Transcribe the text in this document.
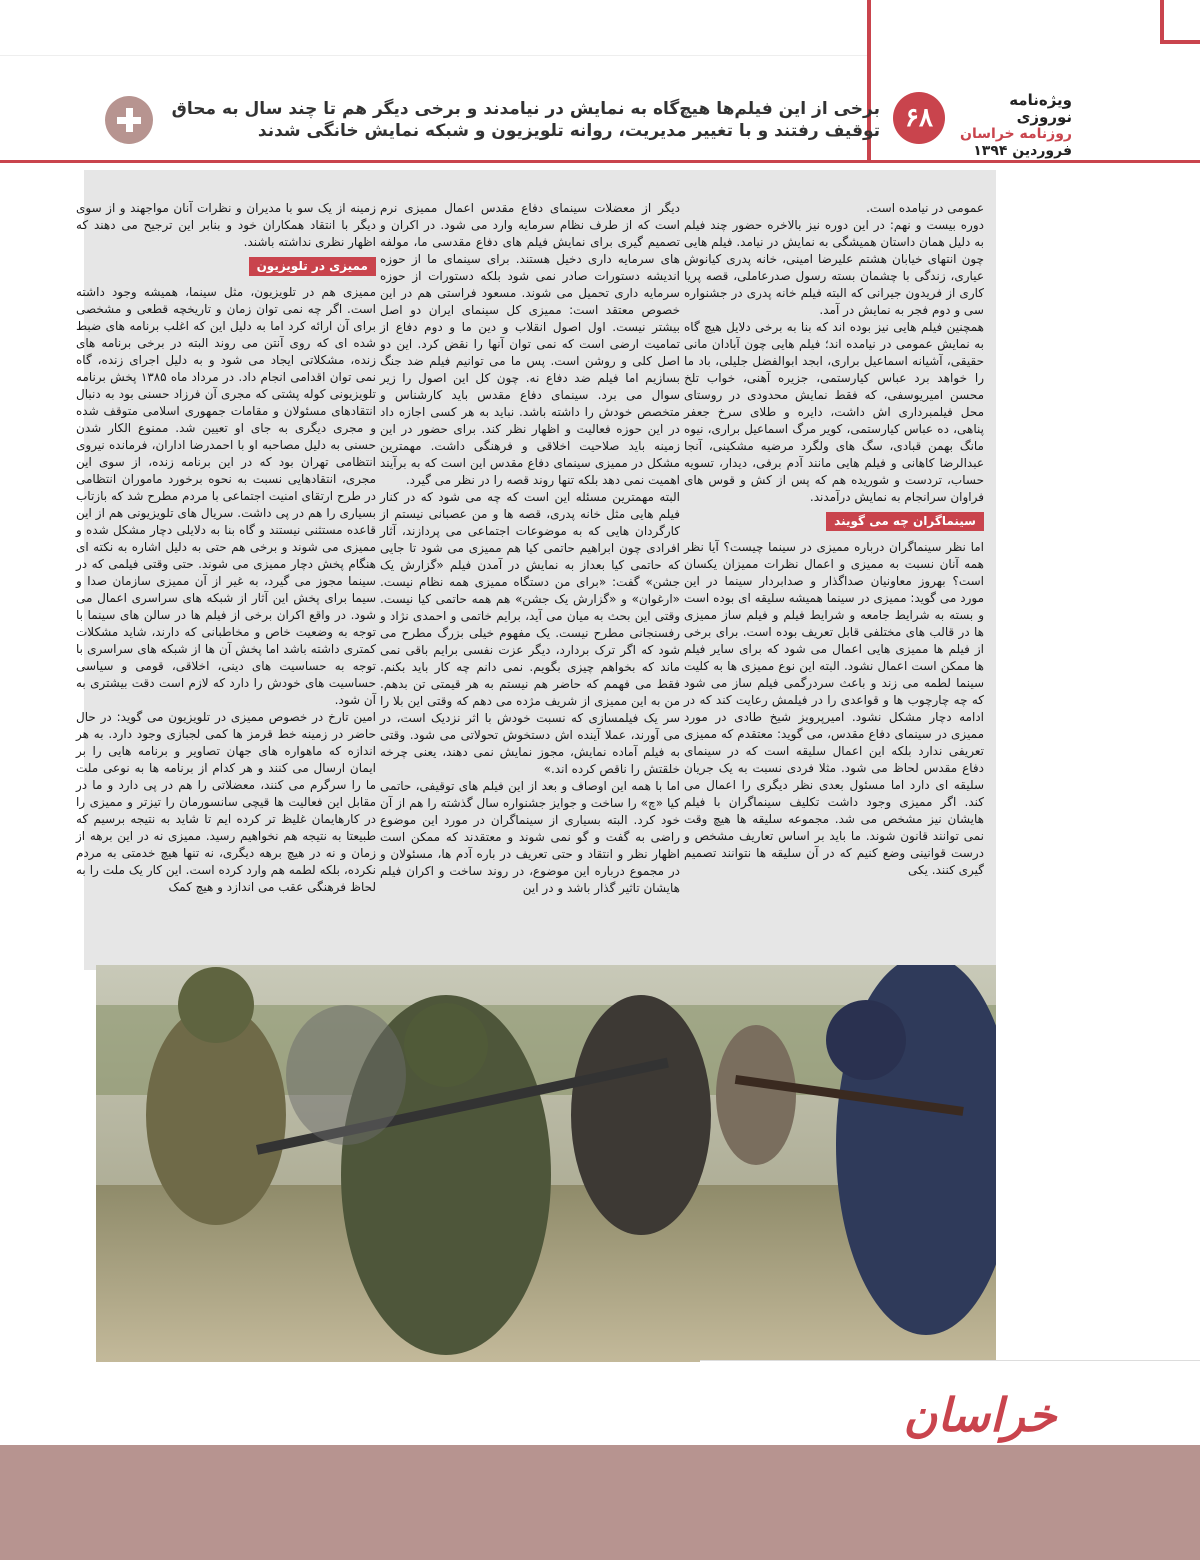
۶۸
ویژه‌نامه نوروزی
روزنامه خراسان
فروردین ۱۳۹۴
برخی از این فیلم‌ها هیچ‌گاه به نمایش در نیامدند و برخی دیگر هم تا چند سال به محاق توقیف رفتند و با تغییر مدیریت، روانه تلویزیون و شبکه نمایش خانگی شدند

عمومی در نیامده است.

دوره بیست و نهم: در این دوره نیز بالاخره حضور چند فیلم به دلیل همان داستان همیشگی به نمایش در نیامد. فیلم هایی چون انتهای خیابان هشتم علیرضا امینی، خانه پدری کیانوش عیاری، زندگی با چشمان بسته رسول صدرعاملی، قصه پریا کاری از فریدون جیرانی که البته فیلم خانه پدری در جشنواره سی و دوم فجر به نمایش در آمد.

همچنین فیلم هایی نیز بوده اند که بنا به برخی دلایل هیچ گاه به نمایش عمومی در نیامده اند؛ فیلم هایی چون آبادان مانی حقیقی، آشیانه اسماعیل براری، ابجد ابوالفضل جلیلی، باد ما را خواهد برد عباس کیارستمی، جزیره آهنی، خواب تلخ محسن امیریوسفی، که فقط نمایش محدودی در روستای محل فیلمبرداری اش داشت، دایره و طلای سرخ جعفر پناهی، ده عباس کیارستمی، کویر مرگ اسماعیل براری، نیوه مانگ بهمن قبادی، سگ های ولگرد مرضیه مشکینی، آنجا عبدالرضا کاهانی و فیلم هایی مانند آدم برفی، دیدار، تسویه حساب، تردست و شوریده هم که پس از کش و قوس های فراوان سرانجام به نمایش درآمدند.

سینماگران چه می گویند

اما نظر سینماگران درباره ممیزی در سینما چیست؟ آیا نظر همه آنان نسبت به ممیزی و اعمال نظرات ممیزان یکسان است؟ بهروز معاونیان صداگذار و صدابردار سینما در این مورد می گوید: ممیزی در سینما همیشه سلیقه ای بوده است و بسته به شرایط جامعه و شرایط فیلم و فیلم ساز ممیزی ها در قالب های مختلفی قابل تعریف بوده است. برای برخی از فیلم ها ممیزی هایی اعمال می شود که برای سایر فیلم ها ممکن است اعمال نشود. البته این نوع ممیزی ها به کلیت سینما لطمه می زند و باعث سردرگمی فیلم ساز می شود که چه چارچوب ها و قواعدی را در فیلمش رعایت کند که در ادامه دچار مشکل نشود. امیرپرویز شیخ طادی در مورد ممیزی در سینمای دفاع مقدس، می گوید: معتقدم که ممیزی تعریفی ندارد بلکه این اعمال سلیقه است که در سینمای دفاع مقدس لحاظ می شود. مثلا فردی نسبت به یک جریان سلیقه ای دارد اما مسئول بعدی نظر دیگری را اعمال می کند. اگر ممیزی وجود داشت تکلیف سینماگران با فیلم هایشان نیز مشخص می شد. مجموعه سلیقه ها هیچ وقت نمی توانند قانون شوند. ما باید بر اساس تعاریف مشخص و درست قوانینی وضع کنیم که در آن سلیقه ها نتوانند تصمیم گیری کنند. یکی

دیگر از معضلات سینمای دفاع مقدس اعمال ممیزی نرم است که از طرف نظام سرمایه وارد می شود. در اکران و تصمیم گیری برای نمایش فیلم های دفاع مقدسی ما، مولفه های سرمایه داری دخیل هستند. برای سینمای ما از حوزه اندیشه دستورات صادر نمی شود بلکه دستورات از حوزه سرمایه داری تحمیل می شوند. مسعود فراستی هم در این خصوص معتقد است: ممیزی کل سینمای ایران دو اصل بیشتر نیست. اول اصول انقلاب و دین ما و دوم دفاع از تمامیت ارضی است که نمی توان آنها را نقض کرد. این دو اصل کلی و روشن است. پس ما می توانیم فیلم ضد جنگ بسازیم اما فیلم ضد دفاع نه. چون کل این اصول را زیر سوال می برد. سینمای دفاع مقدس باید کارشناس و متخصص خودش را داشته باشد. نباید به هر کسی اجازه داد در این حوزه فعالیت و اظهار نظر کند. برای حضور در این زمینه باید صلاحیت اخلاقی و فرهنگی داشت. مهمترین مشکل در ممیزی سینمای دفاع مقدس این است که به برآیند اهمیت نمی دهد بلکه تنها روند قصه را در نظر می گیرد.

البته مهمترین مسئله این است که چه می شود که در کنار فیلم هایی مثل خانه پدری، قصه ها و من عصبانی نیستم از کارگردان هایی که به موضوعات اجتماعی می پردازند، آثار افرادی چون ابراهیم حاتمی کیا هم ممیزی می شود تا جایی که حاتمی کیا بعداز به نمایش در آمدن فیلم «گزارش یک جشن» گفت: «برای من دستگاه ممیزی همه نظام نیست. «ارغوان» و «گزارش یک جشن» هم همه حاتمی کیا نیست. وقتی این بحث به میان می آید، برایم خاتمی و احمدی نژاد و رفسنجانی مطرح نیست. یک مفهوم خیلی بزرگ مطرح می شود که اگر ترک بردارد، دیگر عزت نفسی برایم باقی نمی ماند که بخواهم چیزی بگویم. نمی دانم چه کار باید بکنم. فقط می فهمم که حاضر هم نیستم به هر قیمتی تن بدهم. من به این ممیزی از شریف مژده می دهم که وقتی این بلا را سر یک فیلمسازی که نسبت خودش با اثر نزدیک است، در می آورند، عملا آینده اش دستخوش تحولاتی می شود. وقتی به فیلم آماده نمایش، مجوز نمایش نمی دهند، یعنی چرخه خلقتش را ناقص کرده اند.»

اما با همه این اوصاف و بعد از این فیلم های توقیفی، حاتمی کیا «چ» را ساخت و جوایز جشنواره سال گذشته را هم از آن خود کرد. البته بسیاری از سینماگران در مورد این موضوع راضی به گفت و گو نمی شوند و معتقدند که ممکن است اظهار نظر و انتقاد و حتی تعریف در باره آدم ها، مسئولان و در مجموع درباره این موضوع، در روند ساخت و اکران فیلم هایشان تاثیر گذار باشد و در این

زمینه از یک سو با مدیران و نظرات آنان مواجهند و از سوی دیگر با انتقاد همکاران خود و بنابر این ترجیح می دهند که اظهار نظری نداشته باشند.

ممیزی در تلویزیون

ممیزی هم در تلویزیون، مثل سینما، همیشه وجود داشته است. اگر چه نمی توان زمان و تاریخچه قطعی و مشخصی برای آن ارائه کرد اما به دلیل این که اغلب برنامه های ضبط شده ای که روی آنتن می روند البته در برخی برنامه های زنده، مشکلاتی ایجاد می شود و به دلیل اجرای زنده، گاه نمی توان اقدامی انجام داد. در مرداد ماه ۱۳۸۵ پخش برنامه تلویزیونی کوله پشتی که مجری آن فرزاد حسنی بود به دنبال انتقادهای مسئولان و مقامات جمهوری اسلامی متوقف شده و مجری دیگری به جای او تعیین شد. ممنوع الکار شدن حسنی به دلیل مصاحبه او با احمدرضا اداران، فرمانده نیروی انتظامی تهران بود که در این برنامه زنده، از سوی این مجری، انتقادهایی نسبت به نحوه برخورد ماموران انتظامی در طرح ارتقای امنیت اجتماعی با مردم مطرح شد که بازتاب بسیاری را هم در پی داشت. سریال های تلویزیونی هم از این قاعده مستثنی نیستند و گاه بنا به دلایلی دچار مشکل شده و ممیزی می شوند و برخی هم حتی به دلیل اشاره به نکته ای هنگام پخش دچار ممیزی می شوند. حتی وقتی فیلمی که در سینما مجوز می گیرد، به غیر از آن ممیزی سازمان صدا و سیما برای پخش این آثار از شبکه های سراسری اعمال می شود. در واقع اکران برخی از فیلم ها در سالن های سینما با توجه به وضعیت خاص و مخاطبانی که دارند، شاید مشکلات کمتری داشته باشد اما پخش آن ها از شبکه های سراسری با توجه به حساسیت های دینی، اخلاقی، قومی و سیاسی حساسیت های خودش را دارد که لازم است دقت بیشتری به آن شود.

امین تارخ در خصوص ممیزی در تلویزیون می گوید: در حال حاضر در زمینه خط قرمز ها کمی لجبازی وجود دارد. به هر اندازه که ماهواره های جهان تصاویر و برنامه هایی را بر ایمان ارسال می کنند و هر کدام از برنامه ها به نوعی ملت ما را سرگرم می کنند، معضلاتی را هم در پی دارد و ما در مقابل این فعالیت ها قیچی سانسورمان را تیزتر و ممیزی را در کارهایمان غلیظ تر کرده ایم تا شاید به نتیجه برسیم که طبیعتا به نتیجه هم نخواهیم رسید. ممیزی نه در این برهه از زمان و نه در هیچ برهه دیگری، نه تنها هیچ خدمتی به مردم نکرده، بلکه لطمه هم وارد کرده است. این کار یک ملت را به لحاظ فرهنگی عقب می اندازد و هیچ کمک

خراسان
